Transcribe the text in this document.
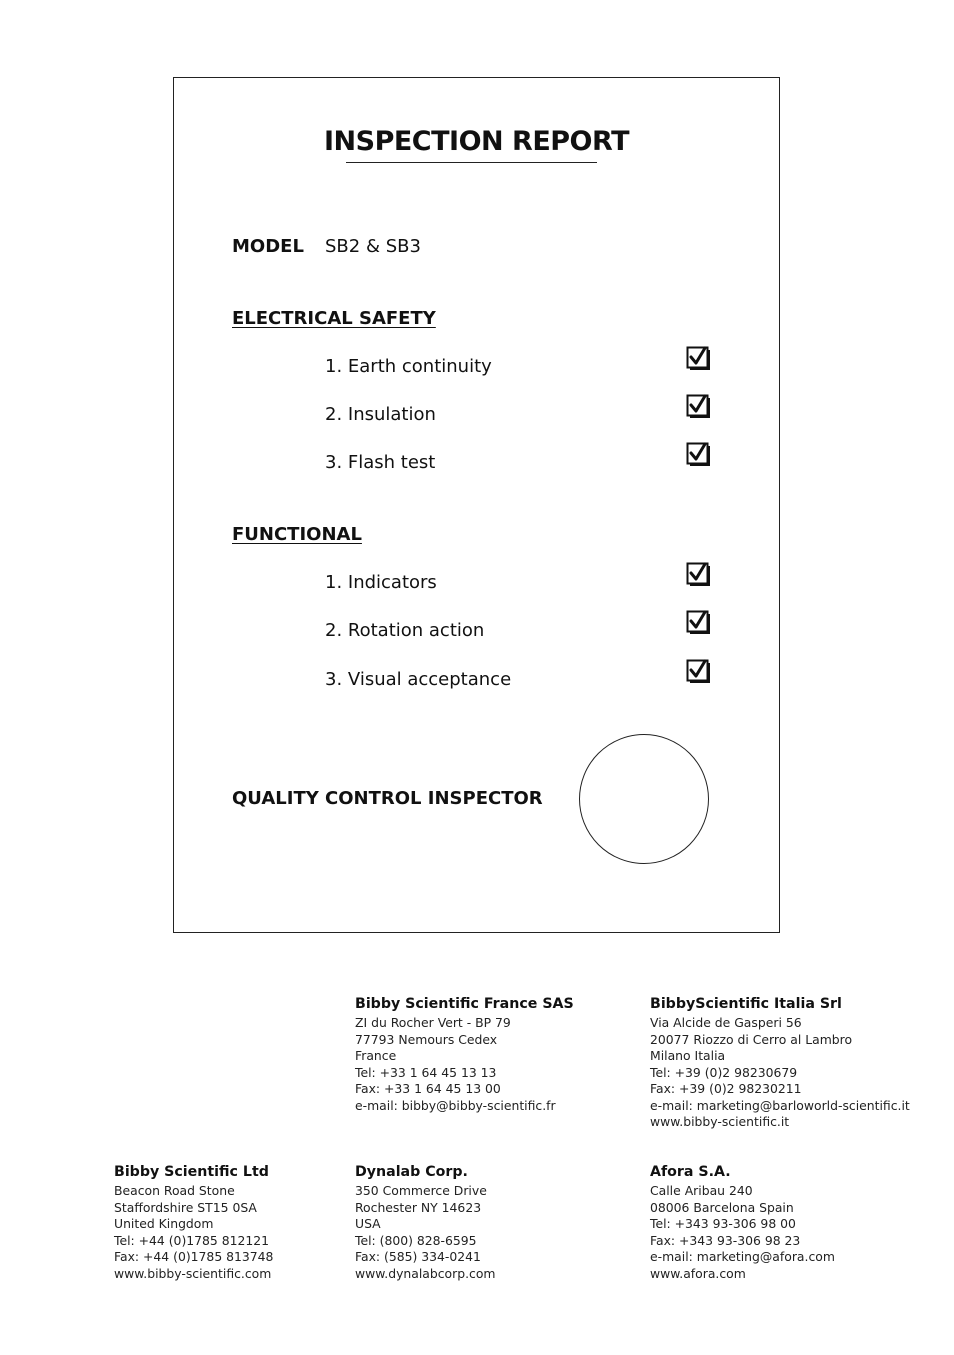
INSPECTION REPORT
MODEL SB2 & SB3
ELECTRICAL SAFETY
1. Earth continuity
2. Insulation
3. Flash test
FUNCTIONAL
1. Indicators
2. Rotation action
3. Visual acceptance
QUALITY CONTROL INSPECTOR
Bibby Scientific France SAS
ZI du Rocher Vert - BP 79
77793 Nemours Cedex
France
Tel: +33 1 64 45 13 13
Fax: +33 1 64 45 13 00
e-mail: bibby@bibby-scientific.fr
BibbyScientific Italia Srl
Via Alcide de Gasperi 56
20077 Riozzo di Cerro al Lambro
Milano Italia
Tel: +39 (0)2 98230679
Fax: +39 (0)2 98230211
e-mail: marketing@barloworld-scientific.it
www.bibby-scientific.it
Bibby Scientific Ltd
Beacon Road Stone
Staffordshire ST15 0SA
United Kingdom
Tel: +44 (0)1785 812121
Fax: +44 (0)1785 813748
www.bibby-scientific.com
Dynalab Corp.
350 Commerce Drive
Rochester NY 14623
USA
Tel: (800) 828-6595
Fax: (585) 334-0241
www.dynalabcorp.com
Afora S.A.
Calle Aribau 240
08006 Barcelona Spain
Tel: +343 93-306 98 00
Fax: +343 93-306 98 23
e-mail: marketing@afora.com
www.afora.com
